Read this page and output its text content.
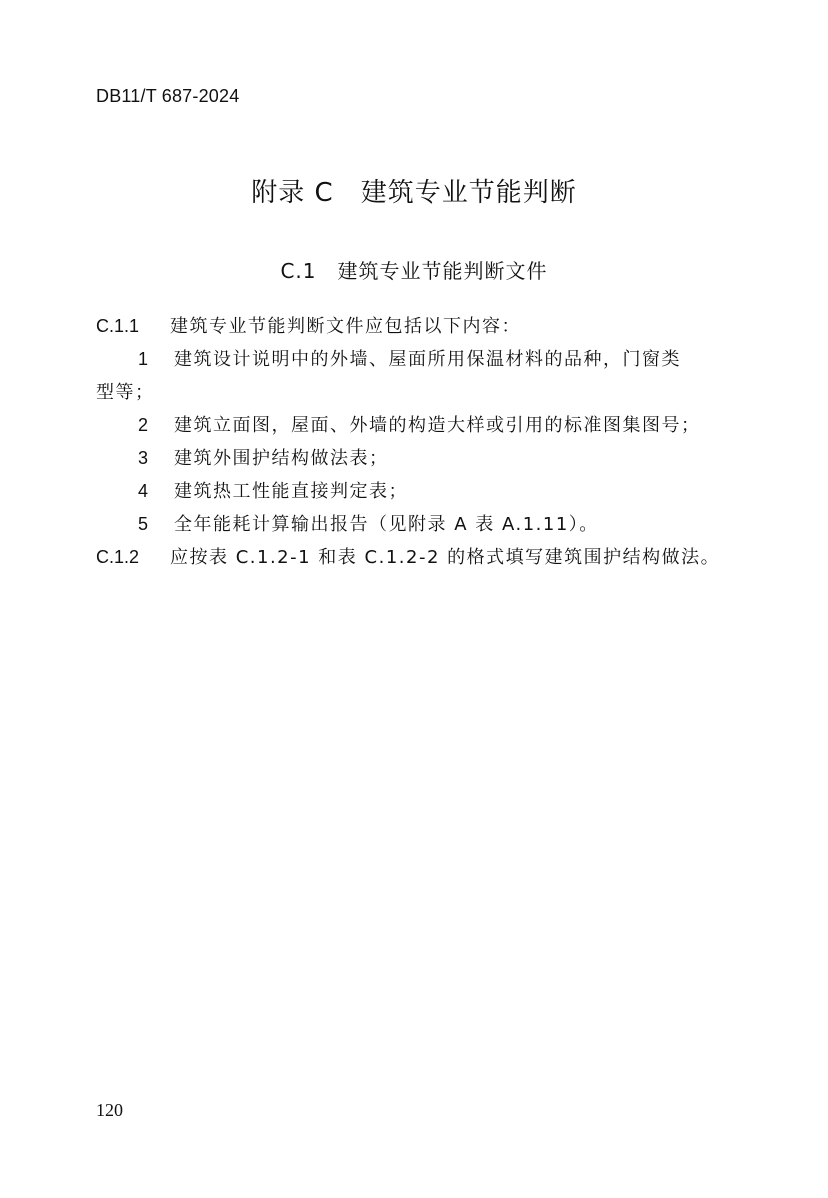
DB11/T 687-2024
附录 C　建筑专业节能判断
C.1　建筑专业节能判断文件
C.1.1 建筑专业节能判断文件应包括以下内容：
1 建筑设计说明中的外墙、屋面所用保温材料的品种，门窗类
型等；
2 建筑立面图，屋面、外墙的构造大样或引用的标准图集图号；
3 建筑外围护结构做法表；
4 建筑热工性能直接判定表；
5 全年能耗计算输出报告（见附录 A 表 A.1.11）。
C.1.2 应按表 C.1.2-1 和表 C.1.2-2 的格式填写建筑围护结构做法。
120
